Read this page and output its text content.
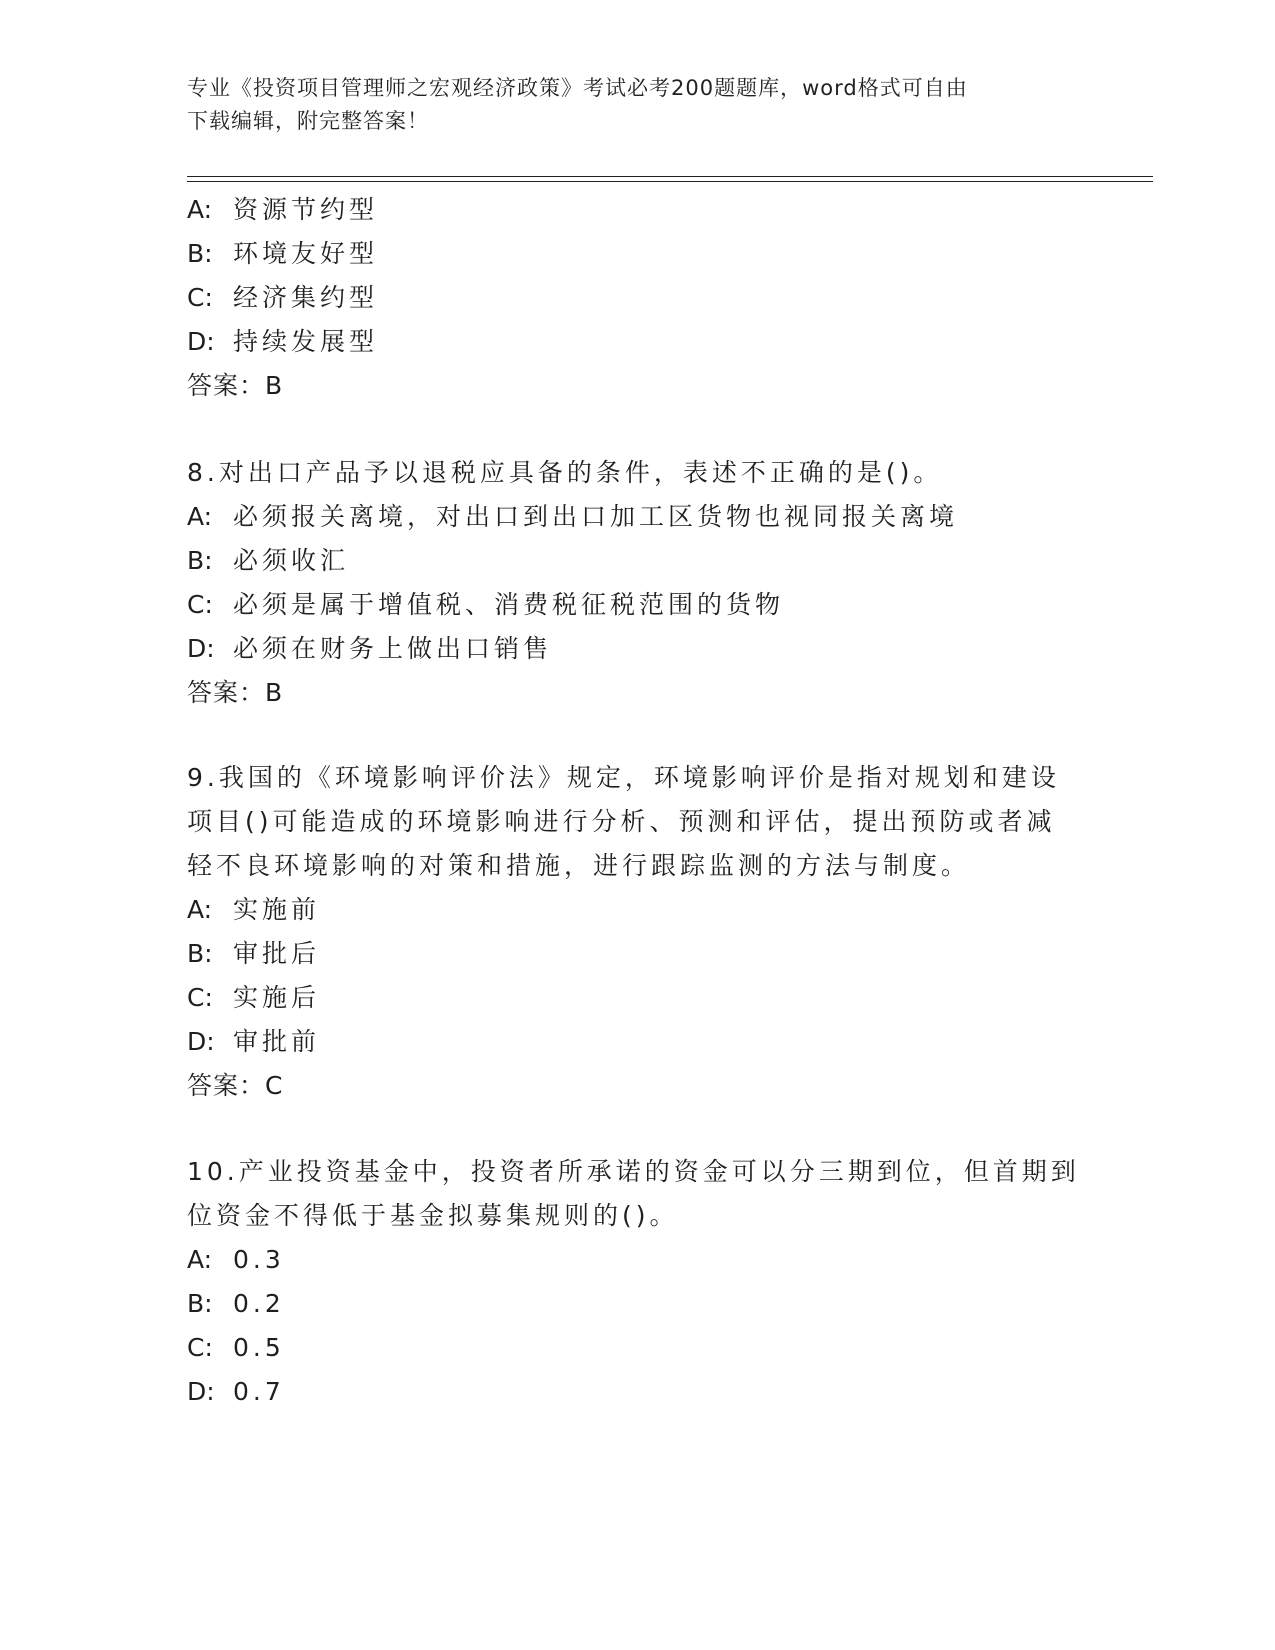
专业《投资项目管理师之宏观经济政策》考试必考200题题库，word格式可自由
下载编辑，附完整答案！
A: 资源节约型
B: 环境友好型
C: 经济集约型
D: 持续发展型
答案：B
8.对出口产品予以退税应具备的条件，表述不正确的是()。
A: 必须报关离境，对出口到出口加工区货物也视同报关离境
B: 必须收汇
C: 必须是属于增值税、消费税征税范围的货物
D: 必须在财务上做出口销售
答案：B
9.我国的《环境影响评价法》规定，环境影响评价是指对规划和建设
项目()可能造成的环境影响进行分析、预测和评估，提出预防或者减
轻不良环境影响的对策和措施，进行跟踪监测的方法与制度。
A: 实施前
B: 审批后
C: 实施后
D: 审批前
答案：C
10.产业投资基金中，投资者所承诺的资金可以分三期到位，但首期到
位资金不得低于基金拟募集规则的()。
A: 0.3
B: 0.2
C: 0.5
D: 0.7
